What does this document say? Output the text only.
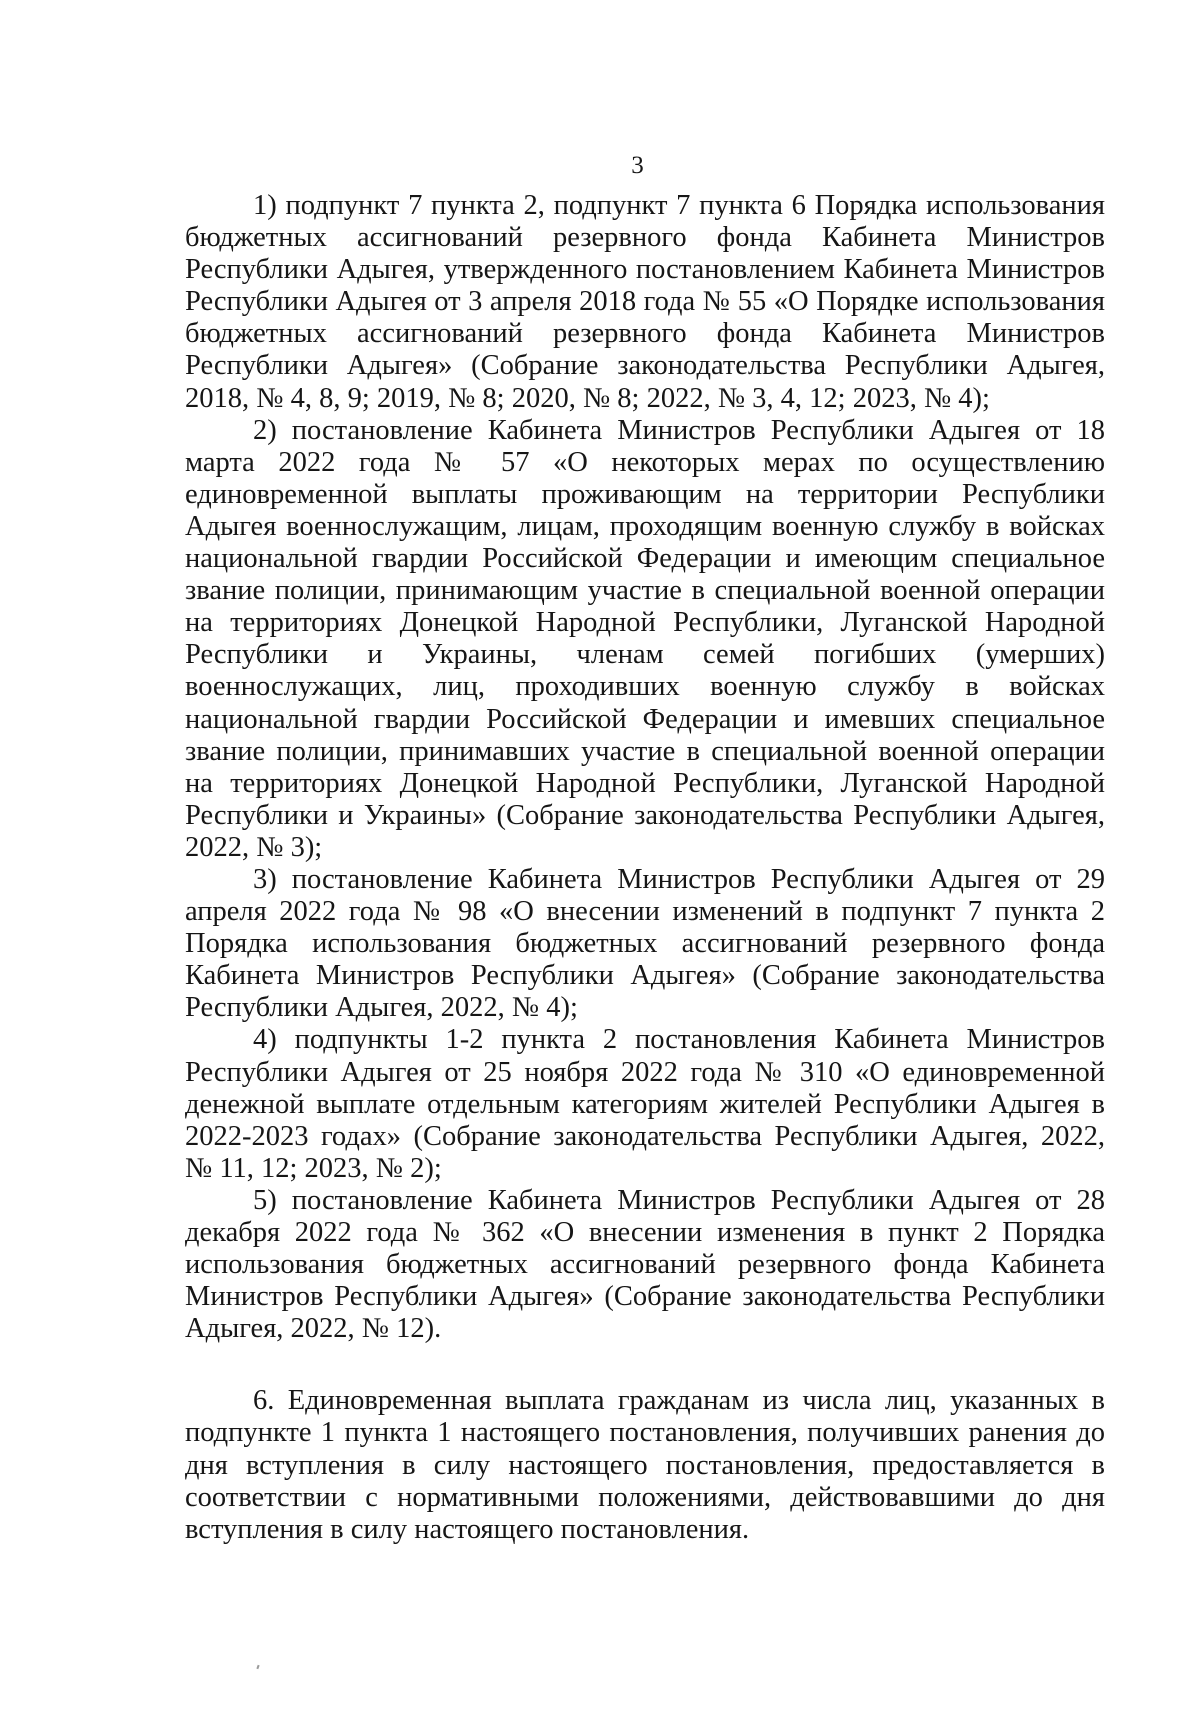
3

1) подпункт 7 пункта 2, подпункт 7 пункта 6 Порядка использования бюджетных ассигнований резервного фонда Кабинета Министров Республики Адыгея, утвержденного постановлением Кабинета Министров Республики Адыгея от 3 апреля 2018 года № 55 «О Порядке использования бюджетных ассигнований резервного фонда Кабинета Министров Республики Адыгея» (Собрание законодательства Республики Адыгея, 2018, № 4, 8, 9; 2019, № 8; 2020, № 8; 2022, № 3, 4, 12; 2023, № 4);

2) постановление Кабинета Министров Республики Адыгея от 18 марта 2022 года № 57 «О некоторых мерах по осуществлению единовременной выплаты проживающим на территории Республики Адыгея военнослужащим, лицам, проходящим военную службу в войсках национальной гвардии Российской Федерации и имеющим специальное звание полиции, принимающим участие в специальной военной операции на территориях Донецкой Народной Республики, Луганской Народной Республики и Украины, членам семей погибших (умерших) военнослужащих, лиц, проходивших военную службу в войсках национальной гвардии Российской Федерации и имевших специальное звание полиции, принимавших участие в специальной военной операции на территориях Донецкой Народной Республики, Луганской Народной Республики и Украины» (Собрание законодательства Республики Адыгея, 2022, № 3);

3) постановление Кабинета Министров Республики Адыгея от 29 апреля 2022 года № 98 «О внесении изменений в подпункт 7 пункта 2 Порядка использования бюджетных ассигнований резервного фонда Кабинета Министров Республики Адыгея» (Собрание законодательства Республики Адыгея, 2022, № 4);

4) подпункты 1-2 пункта 2 постановления Кабинета Министров Республики Адыгея от 25 ноября 2022 года № 310 «О единовременной денежной выплате отдельным категориям жителей Республики Адыгея в 2022-2023 годах» (Собрание законодательства Республики Адыгея, 2022, № 11, 12; 2023, № 2);

5) постановление Кабинета Министров Республики Адыгея от 28 декабря 2022 года № 362 «О внесении изменения в пункт 2 Порядка использования бюджетных ассигнований резервного фонда Кабинета Министров Республики Адыгея» (Собрание законодательства Республики Адыгея, 2022, № 12).

6. Единовременная выплата гражданам из числа лиц, указанных в подпункте 1 пункта 1 настоящего постановления, получивших ранения до дня вступления в силу настоящего постановления, предоставляется в соответствии с нормативными положениями, действовавшими до дня вступления в силу настоящего постановления.
